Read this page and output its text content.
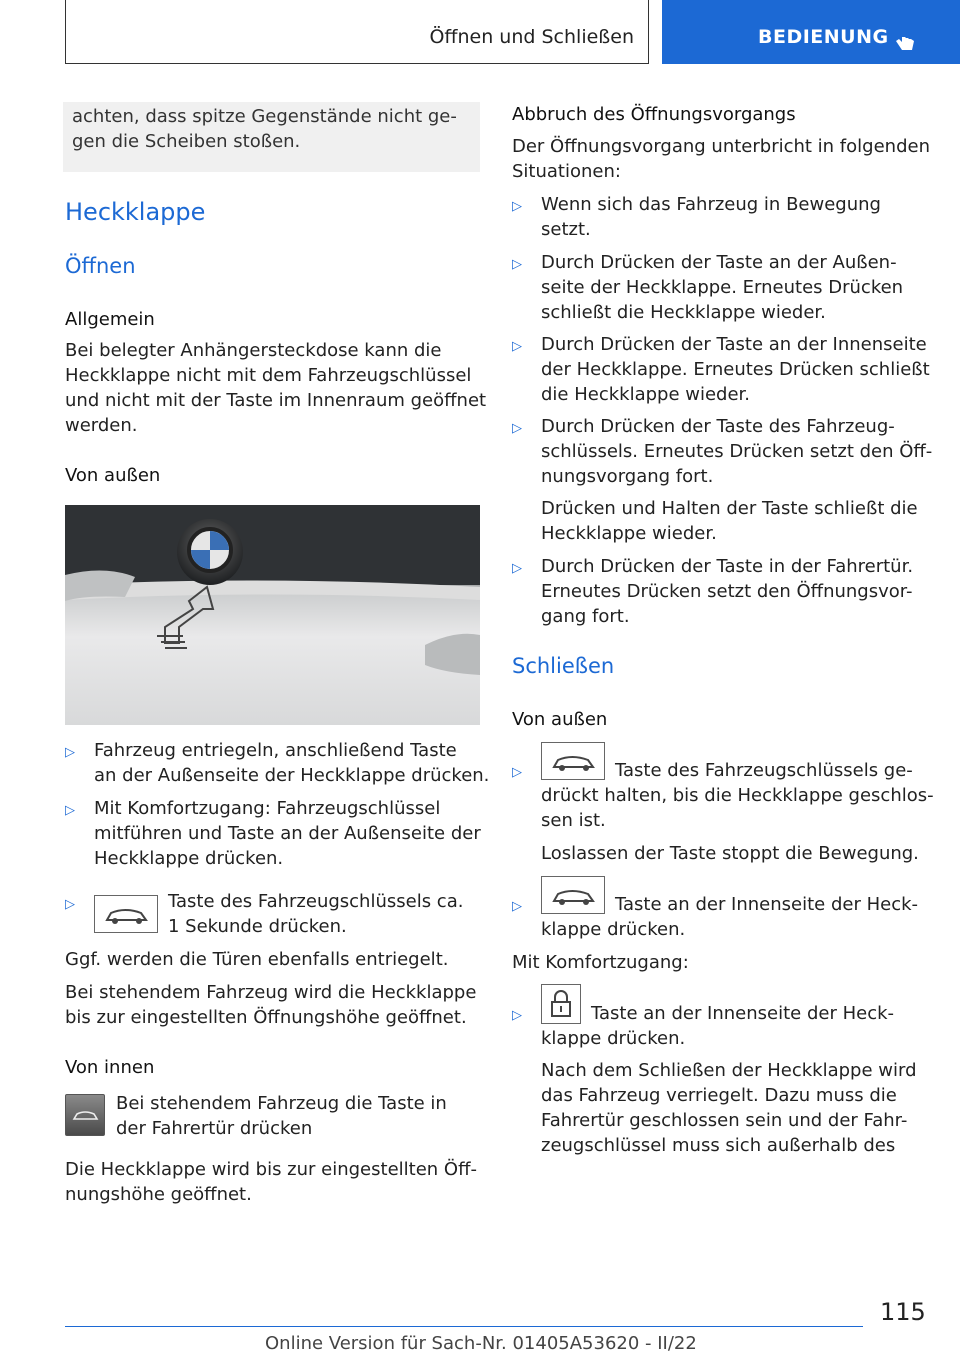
Öffnen und Schließen	BEDIENUNG
achten, dass spitze Gegenstände nicht ge-
gen die Scheiben stoßen.
Heckklappe
Öffnen
Allgemein
Bei belegter Anhängersteckdose kann die
Heckklappe nicht mit dem Fahrzeugschlüssel
und nicht mit der Taste im Innenraum geöffnet
werden.
Von außen
▷ Fahrzeug entriegeln, anschließend Taste
an der Außenseite der Heckklappe drücken.
▷ Mit Komfortzugang: Fahrzeugschlüssel
mitführen und Taste an der Außenseite der
Heckklappe drücken.
▷	Taste des Fahrzeugschlüssels ca.
1 Sekunde drücken.
Ggf. werden die Türen ebenfalls entriegelt.
Bei stehendem Fahrzeug wird die Heckklappe
bis zur eingestellten Öffnungshöhe geöffnet.
Von innen
Bei stehendem Fahrzeug die Taste in
der Fahrertür drücken
Die Heckklappe wird bis zur eingestellten Öff-
nungshöhe geöffnet.
Abbruch des Öffnungsvorgangs
Der Öffnungsvorgang unterbricht in folgenden
Situationen:
▷ Wenn sich das Fahrzeug in Bewegung
setzt.
▷ Durch Drücken der Taste an der Außen-
seite der Heckklappe. Erneutes Drücken
schließt die Heckklappe wieder.
▷ Durch Drücken der Taste an der Innenseite
der Heckklappe. Erneutes Drücken schließt
die Heckklappe wieder.
▷ Durch Drücken der Taste des Fahrzeug-
schlüssels. Erneutes Drücken setzt den Öff-
nungsvorgang fort.
Drücken und Halten der Taste schließt die
Heckklappe wieder.
▷ Durch Drücken der Taste in der Fahrertür.
Erneutes Drücken setzt den Öffnungsvor-
gang fort.
Schließen
Von außen
▷	Taste des Fahrzeugschlüssels ge-
drückt halten, bis die Heckklappe geschlos-
sen ist.
Loslassen der Taste stoppt die Bewegung.
▷	Taste an der Innenseite der Heck-
klappe drücken.
Mit Komfortzugang:
▷	Taste an der Innenseite der Heck-
klappe drücken.
Nach dem Schließen der Heckklappe wird
das Fahrzeug verriegelt. Dazu muss die
Fahrertür geschlossen sein und der Fahr-
zeugschlüssel muss sich außerhalb des
115
Online Version für Sach-Nr. 01405A53620 - II/22
